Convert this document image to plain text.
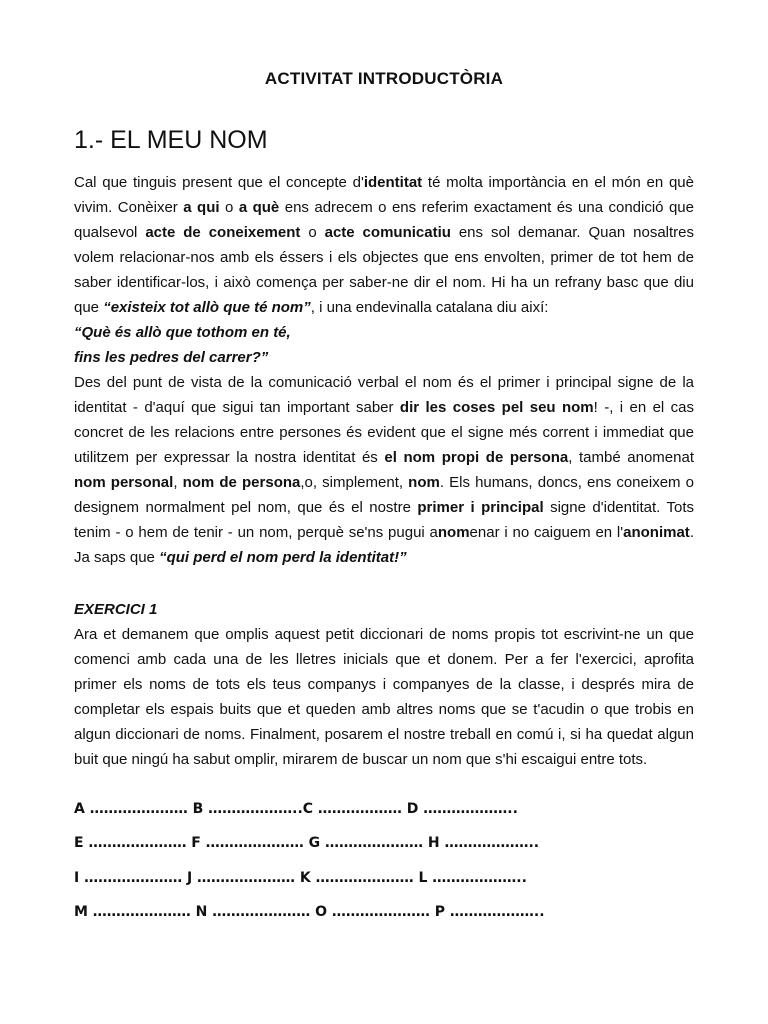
ACTIVITAT INTRODUCTÒRIA
1.- EL MEU NOM

Cal que tinguis present que el concepte d'identitat té molta importància en el món en què vivim. Conèixer a qui o a què ens adrecem o ens referim exactament és una condició que qualsevol acte de coneixement o acte comunicatiu ens sol demanar. Quan nosaltres volem relacionar-nos amb els éssers i els objectes que ens envolten, primer de tot hem de saber identificar-los, i això comença per saber-ne dir el nom. Hi ha un refrany basc que diu que “existeix tot allò que té nom”, i una endevinalla catalana diu així:

“Què és allò que tothom en té,

fins les pedres del carrer?”

Des del punt de vista de la comunicació verbal el nom és el primer i principal signe de la identitat - d'aquí que sigui tan important saber dir les coses pel seu nom! -, i en el cas concret de les relacions entre persones és evident que el signe més corrent i immediat que utilitzem per expressar la nostra identitat és el nom propi de persona, també anomenat nom personal, nom de persona,o, simplement, nom. Els humans, doncs, ens coneixem o designem normalment pel nom, que és el nostre primer i principal signe d'identitat. Tots tenim - o hem de tenir - un nom, perquè se'ns pugui anomenar i no caiguem en l'anonimat. Ja saps que “qui perd el nom perd la identitat!”

EXERCICI 1

Ara et demanem que omplis aquest petit diccionari de noms propis tot escrivint-ne un que comenci amb cada una de les lletres inicials que et donem. Per a fer l'exercici, aprofita primer els noms de tots els teus companys i companyes de la classe, i després mira de completar els espais buits que et queden amb altres noms que se t'acudin o que trobis en algun diccionari de noms. Finalment, posarem el nostre treball en comú i, si ha quedat algun buit que ningú ha sabut omplir, mirarem de buscar un nom que s'hi escaigui entre tots.

A ………………… B ………………..C ……………… D ………………..

E ………………… F ………………… G ………………… H ………………..

I ………………… J ………………… K ………………… L ………………..

M ………………… N ………………… O ………………… P ………………..
